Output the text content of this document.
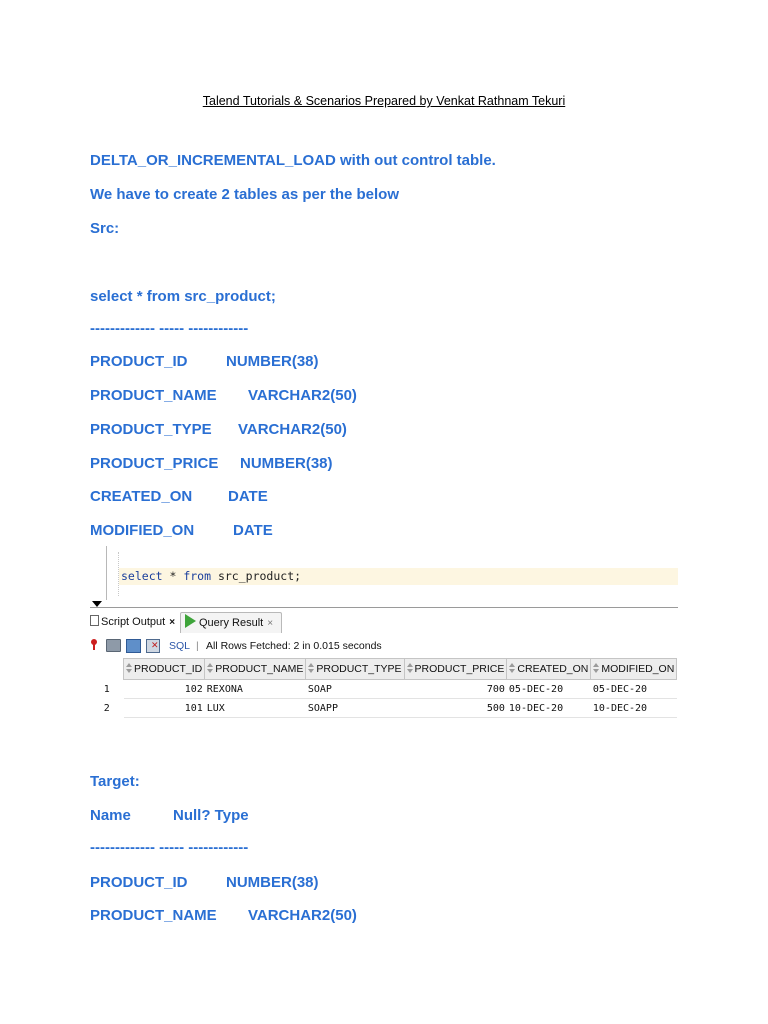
Talend Tutorials & Scenarios Prepared by Venkat Rathnam Tekuri

DELTA_OR_INCREMENTAL_LOAD with out control table.

We have to create 2 tables as per the below

Src:

select * from src_product;

------------- ----- ------------

PRODUCT_ID	NUMBER(38)

PRODUCT_NAME VARCHAR2(50)

PRODUCT_TYPE VARCHAR2(50)

PRODUCT_PRICE NUMBER(38)

CREATED_ON DATE

MODIFIED_ON	DATE

select * from src_product;
Script Output ×	Query Result ×
✕
SQL | All Rows Fetched: 2 in 0.015 seconds
	PRODUCT_ID	PRODUCT_NAME	PRODUCT_TYPE	PRODUCT_PRICE	CREATED_ON	MODIFIED_ON
1	102	REXONA	SOAP	700	05-DEC-20	05-DEC-20
2	101	LUX	SOAPP	500	10-DEC-20	10-DEC-20

Target:

Name	Null? Type

------------- ----- ------------

PRODUCT_ID	NUMBER(38)

PRODUCT_NAME VARCHAR2(50)
